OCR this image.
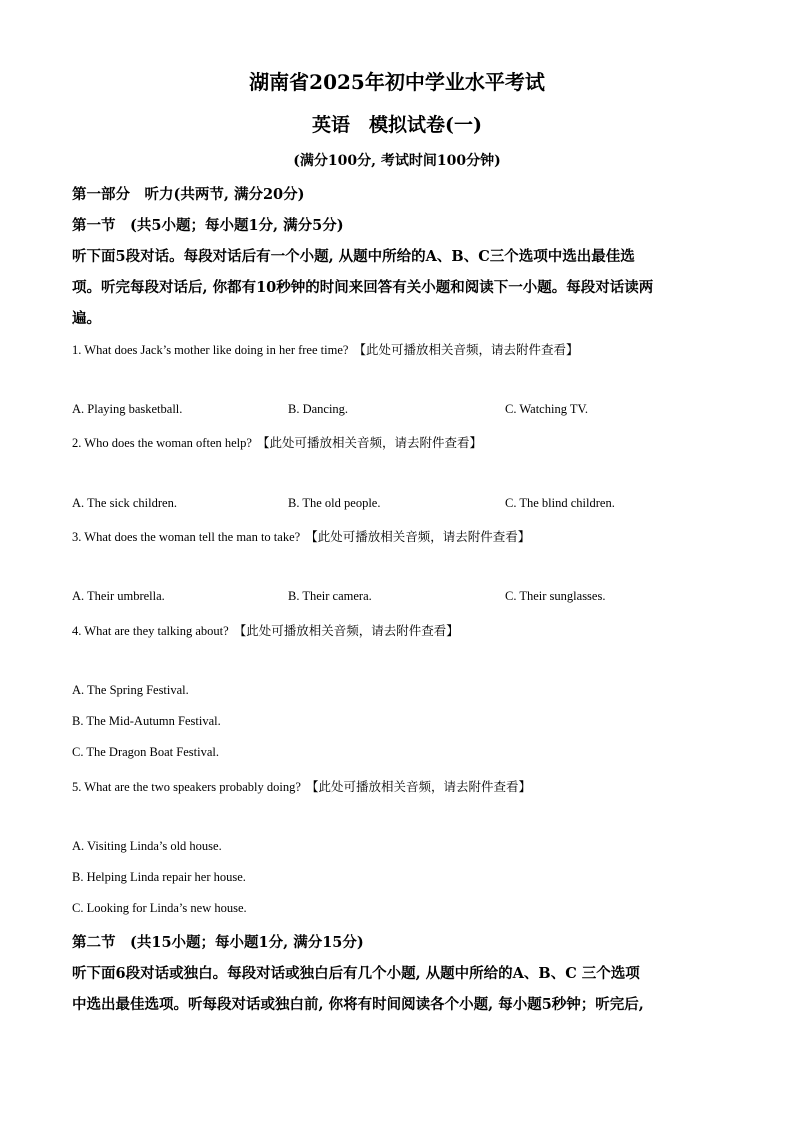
湖南省2025年初中学业水平考试
英语　模拟试卷(一)
(满分100分, 考试时间100分钟)
第一部分　听力(共两节, 满分20分)
第一节　(共5小题；每小题1分, 满分5分)
听下面5段对话。每段对话后有一个小题, 从题中所给的A、B、C三个选项中选出最佳选
项。听完每段对话后, 你都有10秒钟的时间来回答有关小题和阅读下一小题。每段对话读两
遍。
1. What does Jack’s mother like doing in her free time? 【此处可播放相关音频，请去附件查看】
A. Playing basketball.	B. Dancing.	C. Watching TV.
2. Who does the woman often help? 【此处可播放相关音频，请去附件查看】
A. The sick children.	B. The old people.	C. The blind children.
3. What does the woman tell the man to take? 【此处可播放相关音频，请去附件查看】
A. Their umbrella.	B. Their camera.	C. Their sunglasses.
4. What are they talking about? 【此处可播放相关音频，请去附件查看】
A. The Spring Festival.
B. The Mid-Autumn Festival.
C. The Dragon Boat Festival.
5. What are the two speakers probably doing? 【此处可播放相关音频，请去附件查看】
A. Visiting Linda’s old house.
B. Helping Linda repair her house.
C. Looking for Linda’s new house.
第二节　(共15小题；每小题1分, 满分15分)
听下面6段对话或独白。每段对话或独白后有几个小题, 从题中所给的A、B、C 三个选项
中选出最佳选项。听每段对话或独白前, 你将有时间阅读各个小题, 每小题5秒钟；听完后,
